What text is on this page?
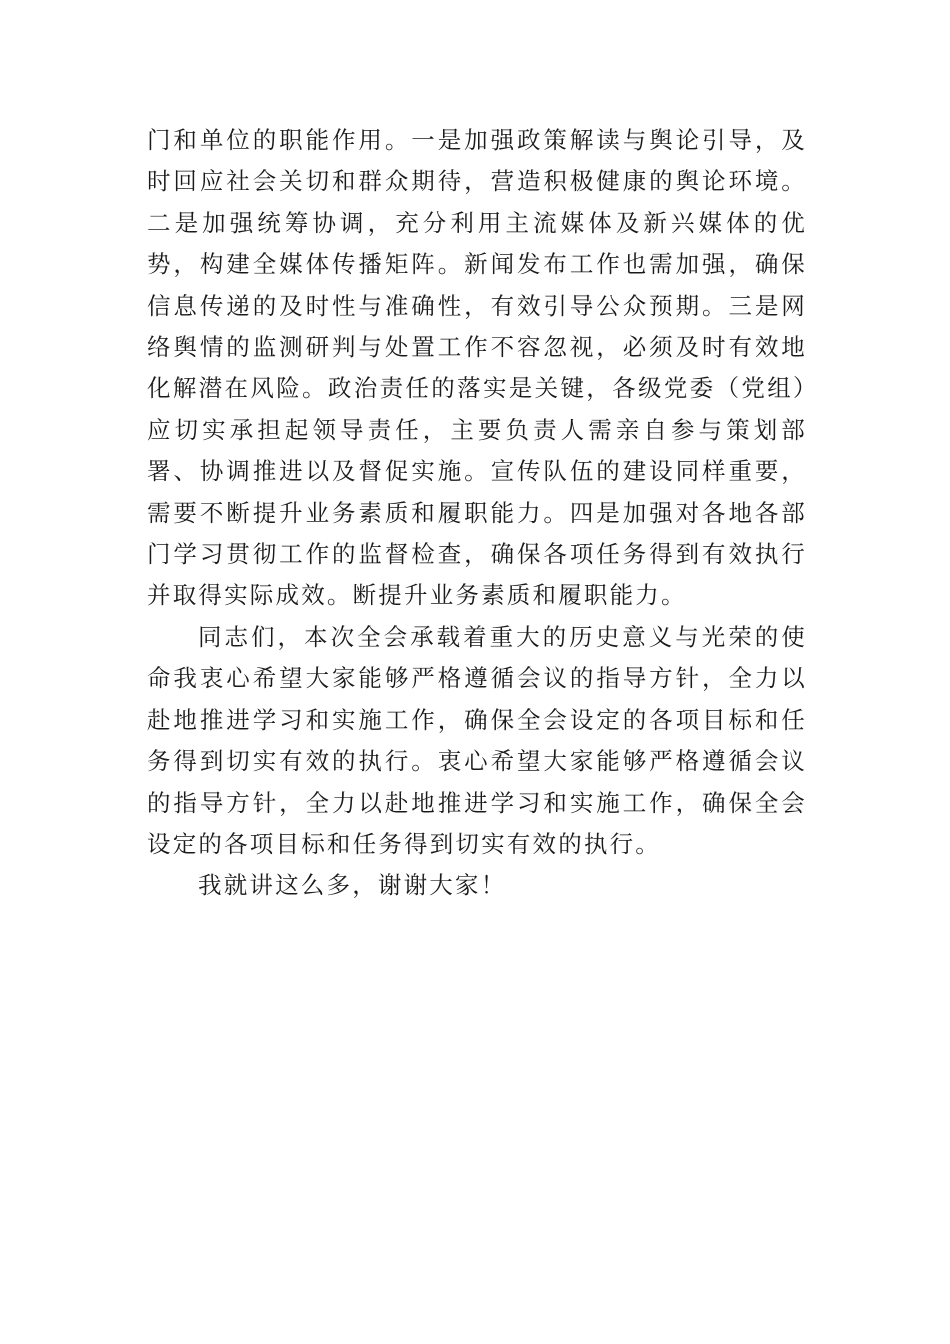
门和单位的职能作用。一是加强政策解读与舆论引导，及时回应社会关切和群众期待，营造积极健康的舆论环境。二是加强统筹协调，充分利用主流媒体及新兴媒体的优势，构建全媒体传播矩阵。新闻发布工作也需加强，确保信息传递的及时性与准确性，有效引导公众预期。三是网络舆情的监测研判与处置工作不容忽视，必须及时有效地化解潜在风险。政治责任的落实是关键，各级党委（党组）应切实承担起领导责任，主要负责人需亲自参与策划部署、协调推进以及督促实施。宣传队伍的建设同样重要，需要不断提升业务素质和履职能力。四是加强对各地各部门学习贯彻工作的监督检查，确保各项任务得到有效执行并取得实际成效。断提升业务素质和履职能力。

同志们，本次全会承载着重大的历史意义与光荣的使命我衷心希望大家能够严格遵循会议的指导方针，全力以赴地推进学习和实施工作，确保全会设定的各项目标和任务得到切实有效的执行。衷心希望大家能够严格遵循会议的指导方针，全力以赴地推进学习和实施工作，确保全会设定的各项目标和任务得到切实有效的执行。

我就讲这么多，谢谢大家！
